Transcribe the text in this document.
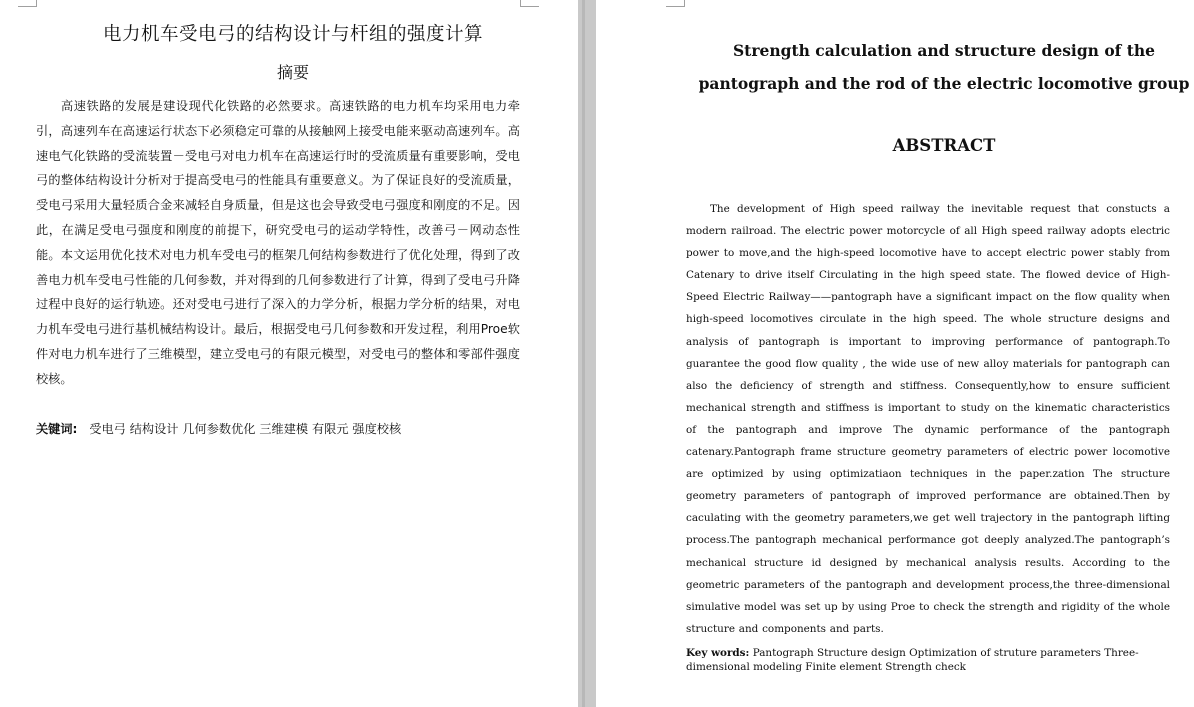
电力机车受电弓的结构设计与杆组的强度计算
摘要

高速铁路的发展是建设现代化铁路的必然要求。高速铁路的电力机车均采用电力牵引，高速列车在高速运行状态下必须稳定可靠的从接触网上接受电能来驱动高速列车。高速电气化铁路的受流装置－受电弓对电力机车在高速运行时的受流质量有重要影响，受电弓的整体结构设计分析对于提高受电弓的性能具有重要意义。为了保证良好的受流质量，受电弓采用大量轻质合金来减轻自身质量，但是这也会导致受电弓强度和刚度的不足。因此，在满足受电弓强度和刚度的前提下，研究受电弓的运动学特性，改善弓－网动态性能。本文运用优化技术对电力机车受电弓的框架几何结构参数进行了优化处理，得到了改善电力机车受电弓性能的几何参数，并对得到的几何参数进行了计算，得到了受电弓升降过程中良好的运行轨迹。还对受电弓进行了深入的力学分析，根据力学分析的结果，对电力机车受电弓进行基机械结构设计。最后，根据受电弓几何参数和开发过程，利用Proe软件对电力机车进行了三维模型，建立受电弓的有限元模型，对受电弓的整体和零部件强度校核。

关键词: 受电弓 结构设计 几何参数优化 三维建模 有限元 强度校核

Strength calculation and structure design of the pantograph and the rod of the electric locomotive group

ABSTRACT

The development of High speed railway the inevitable request that constucts a modern railroad. The electric power motorcycle of all High speed railway adopts electric power to move,and the high-speed locomotive have to accept electric power stably from Catenary to drive itself Circulating in the high speed state. The flowed device of High-Speed Electric Railway——pantograph have a significant impact on the flow quality when high-speed locomotives circulate in the high speed. The whole structure designs and analysis of pantograph is important to improving performance of pantograph.To guarantee the good flow quality , the wide use of new alloy materials for pantograph can also the deficiency of strength and stiffness. Consequently,how to ensure sufficient mechanical strength and stiffness is important to study on the kinematic characteristics of the pantograph and improve The dynamic performance of the pantograph catenary.Pantograph frame structure geometry parameters of electric power locomotive are optimized by using optimizatiaon techniques in the paper.zation The structure geometry parameters of pantograph of improved performance are obtained.Then by caculating with the geometry parameters,we get well trajectory in the pantograph lifting process.The pantograph mechanical performance got deeply analyzed.The pantograph’s mechanical structure id designed by mechanical analysis results. According to the geometric parameters of the pantograph and development process,the three-dimensional simulative model was set up by using Proe to check the strength and rigidity of the whole structure and components and parts.

Key words: Pantograph Structure design Optimization of struture parameters Three-dimensional modeling Finite element Strength check
